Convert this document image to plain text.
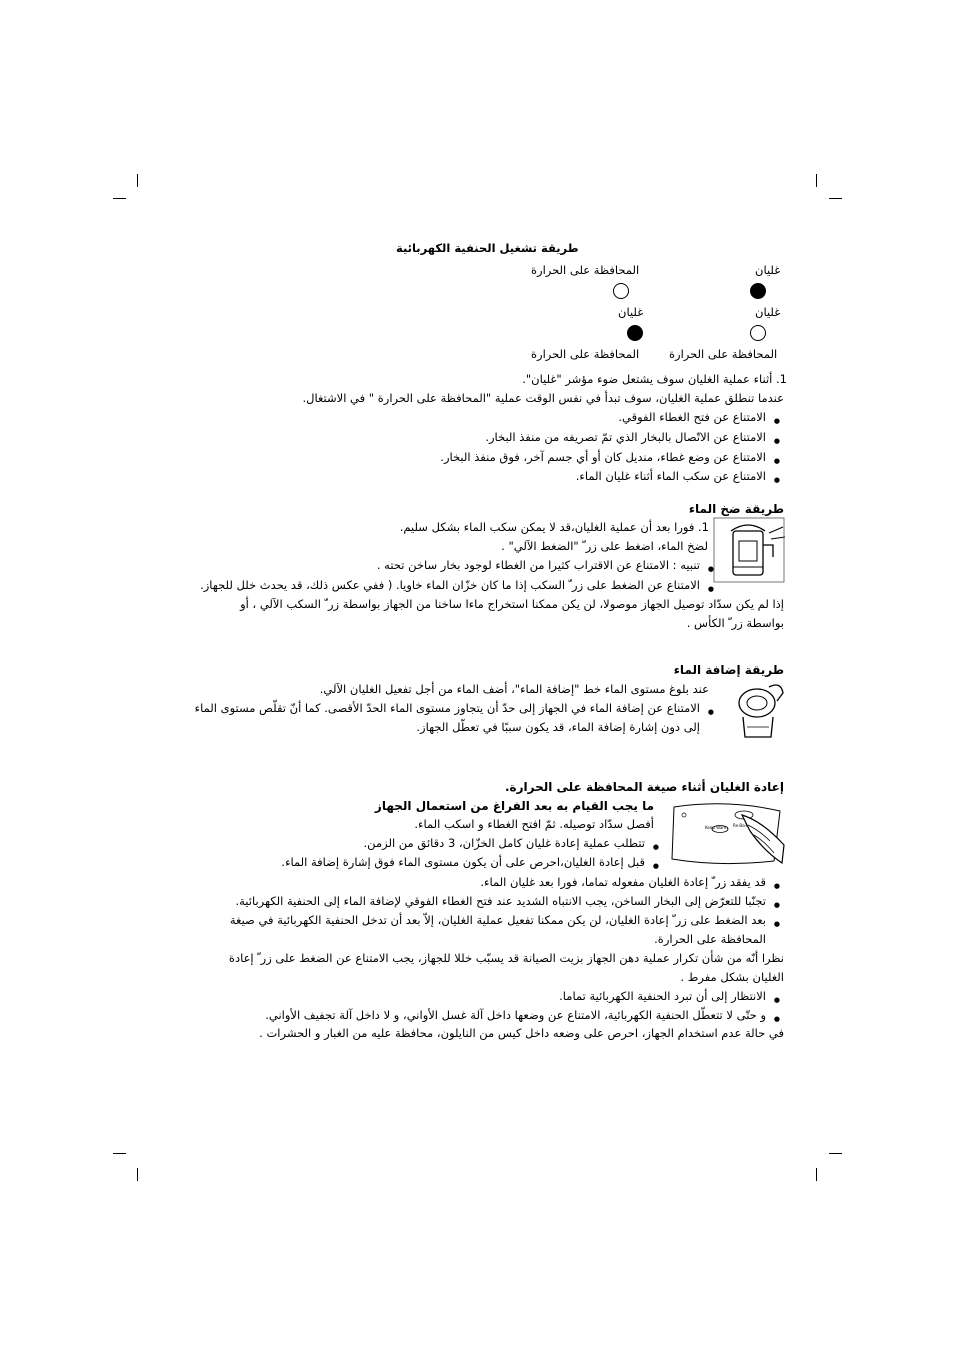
طريقة تشغيل الحنفية الكهربائية
المحافظة على الحرارة	غليان
غليان	غليان
المحافظة على الحرارة	المحافظة على الحرارة
1. أثناء عملية الغليان سوف يشتعل ضوء مؤشر "غليان".
عندما تنطلق عملية الغليان، سوف تبدأ في نفس الوقت عملية "المحافظة على الحرارة " في الاشتغال.
● الامتناع عن فتح الغطاء الفوقي.
● الامتناع عن الاتّصال بالبخار الذي تمّ تصريفه من منفذ البخار.
● الامتناع عن وضع غطاء، منديل كان أو أي جسم آخر، فوق منفذ البخار.
● الامتناع عن سكب الماء أثناء غليان الماء.
طريقة ضخ الماء
1. فورا بعد أن عملية الغليان،قد لا يمكن سكب الماء بشكل سليم.
لضخ الماء، اضغط على زر ّ "الضغط الآلي" .
● تنبيه : الامتناع عن الاقتراب كثيرا من الغطاء لوجود بخار ساخن تحته .
● الامتناع عن الضغط على زر ّ السكب إذا ما كان خزّان الماء خاويا. ( ففي عكس ذلك، قد يحدث خلل للجهاز.
إذا لم يكن سدّاد توصيل الجهاز موصولا، لن يكن ممكنا استخراج ماءا ساخنا من الجهاز بواسطة زر ّ السكب الآلي ، أو
بواسطة زر ّ الكأس .
طريقة إضافة الماء
عند بلوغ مستوى الماء خط "إضافة الماء"، أضف الماء من أجل تفعيل الغليان الآلي.
● الامتناع عن إضافة الماء في الجهاز إلى حدّ أن يتجاوز مستوى الماء الحدّ الأقصى. كما أنّ تقلّص مستوى الماء
إلى دون إشارة إضافة الماء، قد يكون سببًا في تعطّل الجهاز.
إعادة الغليان أثناء صيغة المحافظة على الحرارة.
ما يجب القيام به بعد الفراغ من استعمال الجهاز
Keep Warm Re-Boil
أفصل سدّاد توصيله. ثمّ افتح الغطاء و اسكب الماء.
● تتطلب عملية إعادة غليان كامل الخزّان، 3 دقائق من الزمن.
● قبل إعادة الغليان،احرص على أن يكون مستوى الماء فوق إشارة إضافة الماء.
● قد يفقد زر ّ إعادة الغليان مفعوله تماما، فورا بعد غليان الماء.
● تجنّبا للتعرّض إلى البخار الساخن، يجب الانتباه الشديد عند فتح الغطاء الفوقي لإضافة الماء إلى الحنفية الكهربائية.
● بعد الضغط على زر ّ إعادة الغليان، لن يكن ممكنا تفعيل عملية الغليان، إلاّ بعد أن تدخل الحنفية الكهربائية في صيغة
المحافظة على الحرارة.
نظرا أنّه من شأن تكرار عملية دهن الجهاز بزيت الصيانة قد يسبّب خللا للجهاز، يجب الامتناع عن الضغط على زر ّ إعادة
الغليان بشكل مفرط .
● الانتظار إلى أن تبرد الحنفية الكهربائية تماما.
● و حتّى لا تتعطّل الحنفية الكهربائية، الامتناع عن وضعها داخل آلة غسل الأواني، و لا داخل آلة تجفيف الأواني.
في حالة عدم استخدام الجهاز، احرص على وضعه داخل كيس من النايلون، محافظة عليه من الغبار و الحشرات .
